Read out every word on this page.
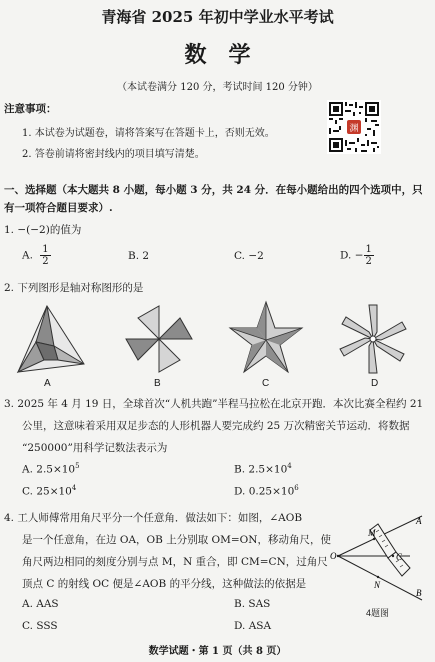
青海省 2025 年初中学业水平考试
数学
（本试卷满分 120 分，考试时间 120 分钟）
渊
注意事项：
1. 本试卷为试题卷，请将答案写在答题卡上，否则无效。
2. 答卷前请将密封线内的项目填写清楚。
一、选择题（本大题共 8 小题，每小题 3 分，共 24 分．在每小题给出的四个选项中，只
有一项符合题目要求）.
1. −(−2)的值为
A. $\frac{1}{2}$	B. 2	C. −2	D. − $\frac{1}{2}$
2. 下列图形是轴对称图形的是
A	B	C	D
3. 2025 年 4 月 19 日，全球首次“人机共跑”半程马拉松在北京开跑．本次比赛全程约 21
公里，这意味着采用双足步态的人形机器人要完成约 25 万次精密关节运动．将数据
“250000”用科学记数法表示为
A. $2.5\times 10^5$	B. $2.5\times 10^4$
C. $25\times 10^4$	D. $0.25\times 10^6$
4. 工人师傅常用角尺平分一个任意角．做法如下：如图，∠AOB
是一个任意角，在边 OA，OB 上分别取 OM=ON，移动角尺，使
角尺两边相同的刻度分别与点 M，N 重合，即 CM=CN，过角尺
顶点 C 的射线 OC 便是∠AOB 的平分线，这种做法的依据是
A. AAS	B. SAS
C. SSS	D. ASA
O
M
A
C
N
B
4题图
数学试题・第 1 页（共 8 页）
